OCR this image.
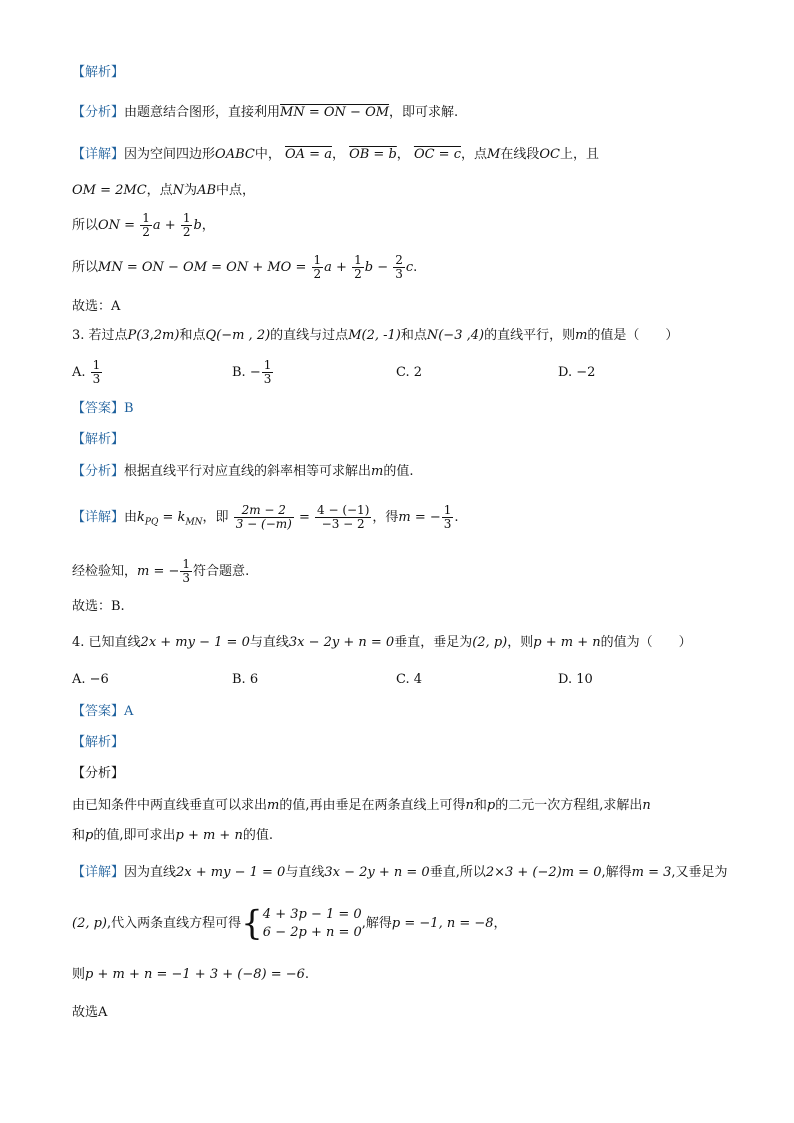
【解析】
【分析】由题意结合图形，直接利用MN = ON − OM，即可求解.
【详解】因为空间四边形OABC中， OA = a， OB = b， OC = c，点M在线段OC上，且
OM = 2MC，点N为AB中点，
所以ON = $\frac{1}{2}$ $a + \frac{1}{2}$ b，
所以MN = ON − OM = ON + MO = $\frac{1}{2}$ $a + \frac{1}{2}$ $b - \frac{2}{3} c$.
故选：A
3. 若过点P(3,2m)和点Q(−m , 2)的直线与过点M(2, -1)和点N(−3 ,4)的直线平行，则m的值是（　　）
A. $\frac{1}{3}$	B. − $\frac{1}{3}$	C. 2	D. −2
【答案】B
【解析】
【分析】根据直线平行对应直线的斜率相等可求解出m的值.
【详解】由$k_{PQ} = k_{MN}$，即 $\frac{2m - 2}{3 - (-m)} = \frac{4 - (-1)}{-3 - 2}$ ，得m = − $\frac{1}{3}$ .
经检验知，m = − $\frac{1}{3}$ 符合题意.
故选：B.
4. 已知直线2x + my − 1 = 0与直线3x − 2y + n = 0垂直，垂足为(2, p)，则p + m + n的值为（　　）
A. −6	B. 6	C. 4	D. 10
【答案】A
【解析】
【分析】
由已知条件中两直线垂直可以求出m的值,再由垂足在两条直线上可得n和p的二元一次方程组,求解出n
和p的值,即可求出p + m + n的值.
【详解】因为直线2x + my − 1 = 0与直线3x − 2y + n = 0垂直,所以2×3 + (−2)m = 0,解得m = 3,又垂足为
(2, p),代入两条直线方程可得{ 4 + 3p − 1 = 0
6 − 2p + n = 0
,解得p = −1, n = −8，
则p + m + n = −1 + 3 + (−8) = −6.
故选A
